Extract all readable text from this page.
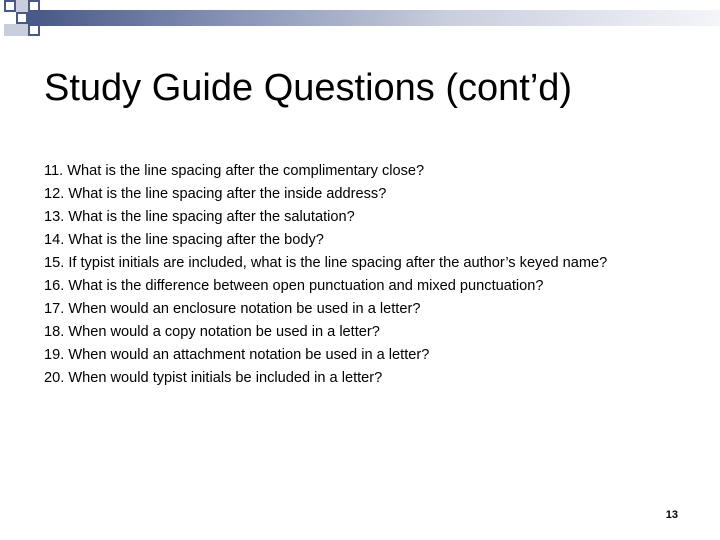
Study Guide Questions (cont’d)
11. What is the line spacing after the complimentary close?
12. What is the line spacing after the inside address?
13. What is the line spacing after the salutation?
14. What is the line spacing after the body?
15. If typist initials are included, what is the line spacing after the author’s keyed name?
16. What is the difference between open punctuation and mixed punctuation?
17. When would an enclosure notation be used in a letter?
18. When would a copy notation be used in a letter?
19. When would an attachment notation be used in a letter?
20. When would typist initials be included in a letter?
13
